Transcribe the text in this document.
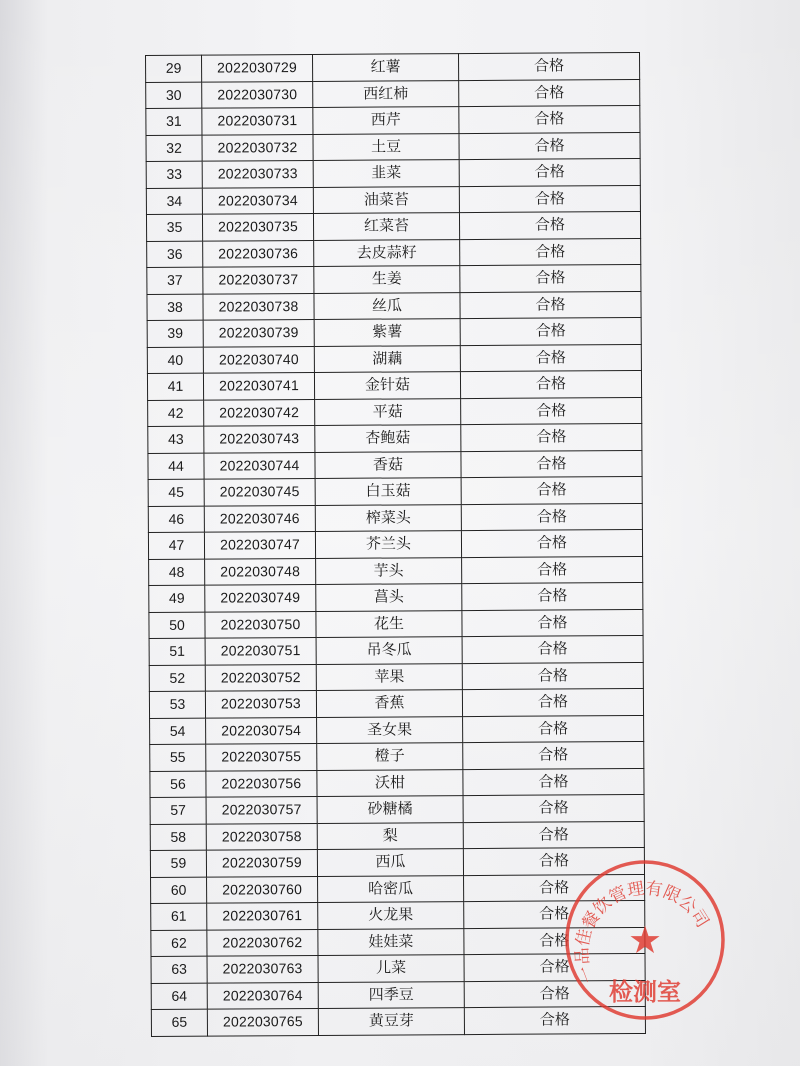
29	2022030729	红薯	合格
30	2022030730	西红柿	合格
31	2022030731	西芹	合格
32	2022030732	土豆	合格
33	2022030733	韭菜	合格
34	2022030734	油菜苔	合格
35	2022030735	红菜苔	合格
36	2022030736	去皮蒜籽	合格
37	2022030737	生姜	合格
38	2022030738	丝瓜	合格
39	2022030739	紫薯	合格
40	2022030740	湖藕	合格
41	2022030741	金针菇	合格
42	2022030742	平菇	合格
43	2022030743	杏鲍菇	合格
44	2022030744	香菇	合格
45	2022030745	白玉菇	合格
46	2022030746	榨菜头	合格
47	2022030747	芥兰头	合格
48	2022030748	芋头	合格
49	2022030749	菖头	合格
50	2022030750	花生	合格
51	2022030751	吊冬瓜	合格
52	2022030752	苹果	合格
53	2022030753	香蕉	合格
54	2022030754	圣女果	合格
55	2022030755	橙子	合格
56	2022030756	沃柑	合格
57	2022030757	砂糖橘	合格
58	2022030758	梨	合格
59	2022030759	西瓜	合格
60	2022030760	哈密瓜	合格
61	2022030761	火龙果	合格
62	2022030762	娃娃菜	合格
63	2022030763	儿菜	合格
64	2022030764	四季豆	合格
65	2022030765	黄豆芽	合格
一品佳餐饮管理有限公司
★
检测室
